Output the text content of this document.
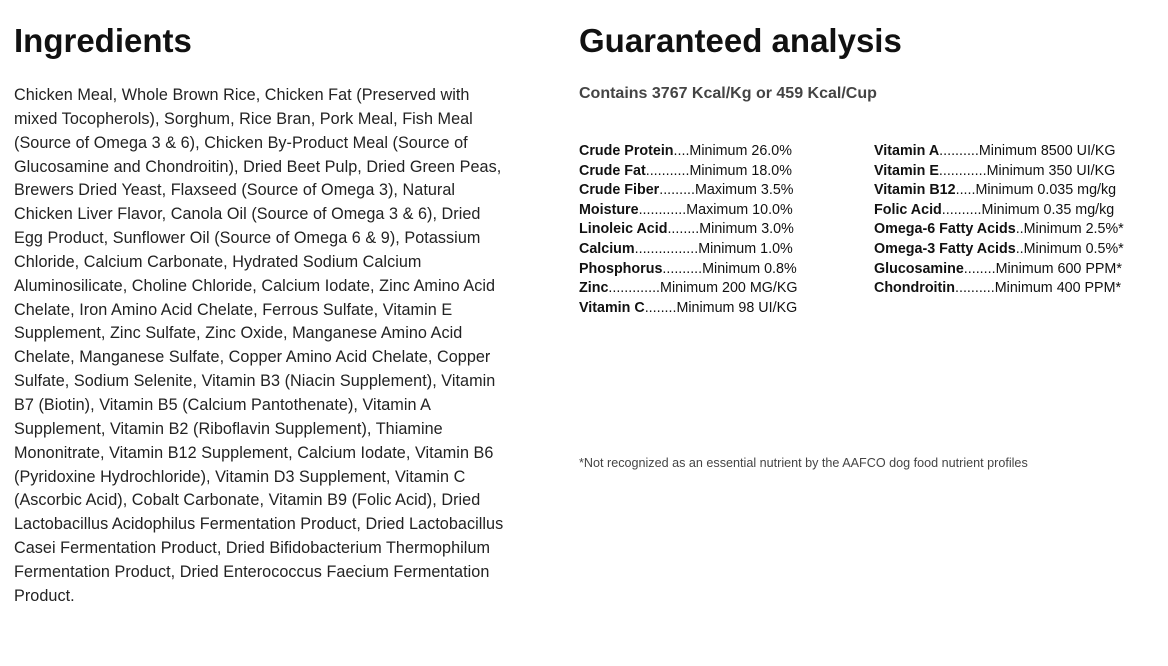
Ingredients

Chicken Meal, Whole Brown Rice, Chicken Fat (Preserved with mixed Tocopherols), Sorghum, Rice Bran, Pork Meal, Fish Meal (Source of Omega 3 & 6), Chicken By-Product Meal (Source of Glucosamine and Chondroitin), Dried Beet Pulp, Dried Green Peas, Brewers Dried Yeast, Flaxseed (Source of Omega 3), Natural Chicken Liver Flavor, Canola Oil (Source of Omega 3 & 6), Dried Egg Product, Sunflower Oil (Source of Omega 6 & 9), Potassium Chloride, Calcium Carbonate, Hydrated Sodium Calcium Aluminosilicate, Choline Chloride, Calcium Iodate, Zinc Amino Acid Chelate, Iron Amino Acid Chelate, Ferrous Sulfate, Vitamin E Supplement, Zinc Sulfate, Zinc Oxide, Manganese Amino Acid Chelate, Manganese Sulfate, Copper Amino Acid Chelate, Copper Sulfate, Sodium Selenite, Vitamin B3 (Niacin Supplement), Vitamin B7 (Biotin), Vitamin B5 (Calcium Pantothenate), Vitamin A Supplement, Vitamin B2 (Riboflavin Supplement), Thiamine Mononitrate, Vitamin B12 Supplement, Calcium Iodate, Vitamin B6 (Pyridoxine Hydrochloride), Vitamin D3 Supplement, Vitamin C (Ascorbic Acid), Cobalt Carbonate, Vitamin B9 (Folic Acid), Dried Lactobacillus Acidophilus Fermentation Product, Dried Lactobacillus Casei Fermentation Product, Dried Bifidobacterium Thermophilum Fermentation Product, Dried Enterococcus Faecium Fermentation Product.

Guaranteed analysis
Contains 3767 Kcal/Kg or 459 Kcal/Cup
Crude Protein....Minimum 26.0%
Crude Fat...........Minimum 18.0%
Crude Fiber.........Maximum 3.5%
Moisture............Maximum 10.0%
Linoleic Acid........Minimum 3.0%
Calcium................Minimum 1.0%
Phosphorus..........Minimum 0.8%
Zinc.............Minimum 200 MG/KG
Vitamin C........Minimum 98 UI/KG
Vitamin A..........Minimum 8500 UI/KG
Vitamin E............Minimum 350 UI/KG
Vitamin B12.....Minimum 0.035 mg/kg
Folic Acid..........Minimum 0.35 mg/kg
Omega-6 Fatty Acids..Minimum 2.5%*
Omega-3 Fatty Acids..Minimum 0.5%*
Glucosamine........Minimum 600 PPM*
Chondroitin..........Minimum 400 PPM*
*Not recognized as an essential nutrient by the AAFCO dog food nutrient profiles
